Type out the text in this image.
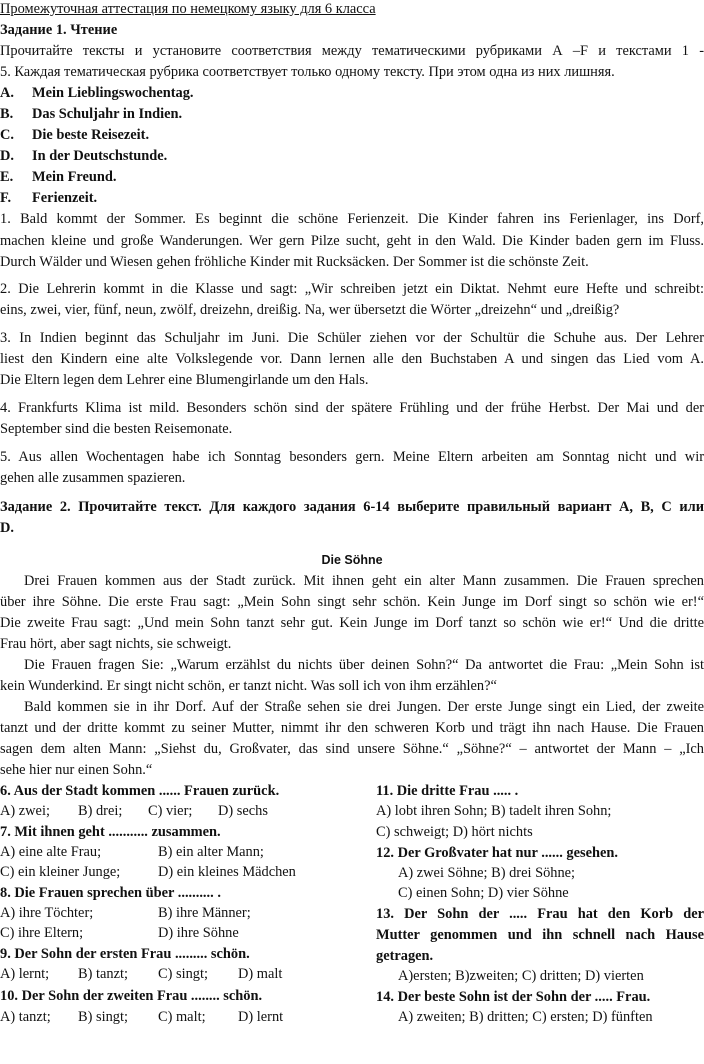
Промежуточная аттестация по немецкому языку для 6 класса
Задание 1. Чтение
Прочитайте тексты и установите соответствия между тематическими рубриками А –F и текстами 1 -
5. Каждая тематическая рубрика соответствует только одному тексту. При этом одна из них лишняя.
A. Mein Lieblingswochentag.
B. Das Schuljahr in Indien.
C. Die beste Reisezeit.
D. In der Deutschstunde.
E. Mein Freund.
F. Ferienzeit.
1. Bald kommt der Sommer. Es beginnt die schöne Ferienzeit. Die Kinder fahren ins Ferienlager, ins Dorf,
machen kleine und große Wanderungen. Wer gern Pilze sucht, geht in den Wald. Die Kinder baden gern im Fluss.
Durch Wälder und Wiesen gehen fröhliche Kinder mit Rucksäcken. Der Sommer ist die schönste Zeit.
2. Die Lehrerin kommt in die Klasse und sagt: „Wir schreiben jetzt ein Diktat. Nehmt eure Hefte und schreibt:
eins, zwei, vier, fünf, neun, zwölf, dreizehn, dreißig. Na, wer übersetzt die Wörter „dreizehn“ und „dreißig?
3. In Indien beginnt das Schuljahr im Juni. Die Schüler ziehen vor der Schultür die Schuhe aus. Der Lehrer
liest den Kindern eine alte Volkslegende vor. Dann lernen alle den Buchstaben A und singen das Lied vom A.
Die Eltern legen dem Lehrer eine Blumengirlande um den Hals.
4. Frankfurts Klima ist mild. Besonders schön sind der spätere Frühling und der frühe Herbst. Der Mai und der
September sind die besten Reisemonate.
5. Aus allen Wochentagen habe ich Sonntag besonders gern. Meine Eltern arbeiten am Sonntag nicht und wir
gehen alle zusammen spazieren.
Задание 2. Прочитайте текст. Для каждого задания 6-14 выберите правильный вариант A, B, C или
D.
Die Söhne
Drei Frauen kommen aus der Stadt zurück. Mit ihnen geht ein alter Mann zusammen. Die Frauen sprechen
über ihre Söhne. Die erste Frau sagt: „Mein Sohn singt sehr schön. Kein Junge im Dorf singt so schön wie er!“
Die zweite Frau sagt: „Und mein Sohn tanzt sehr gut. Kein Junge im Dorf tanzt so schön wie er!“ Und die dritte
Frau hört, aber sagt nichts, sie schweigt.
Die Frauen fragen Sie: „Warum erzählst du nichts über deinen Sohn?“ Da antwortet die Frau: „Mein Sohn ist
kein Wunderkind. Er singt nicht schön, er tanzt nicht. Was soll ich von ihm erzählen?“
Bald kommen sie in ihr Dorf. Auf der Straße sehen sie drei Jungen. Der erste Junge singt ein Lied, der zweite
tanzt und der dritte kommt zu seiner Mutter, nimmt ihr den schweren Korb und trägt ihn nach Hause. Die Frauen
sagen dem alten Mann: „Siehst du, Großvater, das sind unsere Söhne.“ „Söhne?“ – antwortet der Mann – „Ich
sehe hier nur einen Sohn.“
6. Aus der Stadt kommen ...... Frauen zurück.
A) zwei; B) drei; C) vier; D) sechs
7. Mit ihnen geht ........... zusammen.
A) eine alte Frau;	B) ein alter Mann;
C) ein kleiner Junge;	D) ein kleines Mädchen
8. Die Frauen sprechen über .......... .
A) ihre Töchter;	B) ihre Männer;
C) ihre Eltern;	D) ihre Söhne
9. Der Sohn der ersten Frau ......... schön.
A) lernt; B) tanzt; C) singt; D) malt
10. Der Sohn der zweiten Frau ........ schön.
A) tanzt; B) singt; C) malt; D) lernt
11. Die dritte Frau ..... .
A) lobt ihren Sohn; B) tadelt ihren Sohn;
C) schweigt; D) hört nichts
12. Der Großvater hat nur ...... gesehen.
A) zwei Söhne; B) drei Söhne;
C) einen Sohn; D) vier Söhne
13. Der Sohn der ..... Frau hat den Korb der
Mutter genommen und ihn schnell nach Hause
getragen.
A)ersten; B)zweiten; C) dritten; D) vierten
14. Der beste Sohn ist der Sohn der ..... Frau.
A) zweiten; B) dritten; C) ersten; D) fünften
